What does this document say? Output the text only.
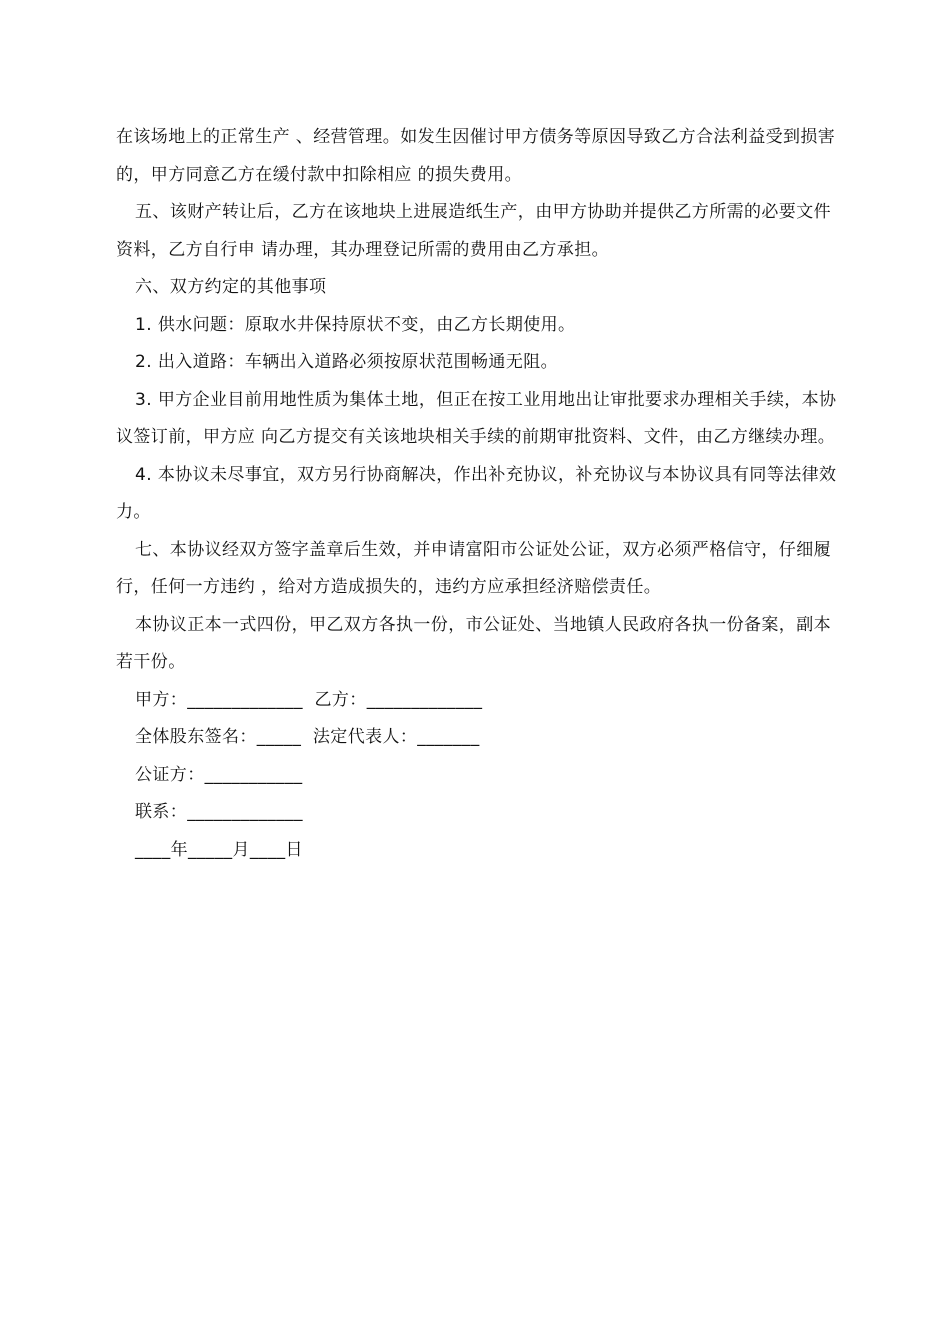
在该场地上的正常生产 、经营管理。如发生因催讨甲方债务等原因导致乙方合法利益受到损害的，甲方同意乙方在缓付款中扣除相应 的损失费用。

五、该财产转让后，乙方在该地块上进展造纸生产，由甲方协助并提供乙方所需的必要文件资料，乙方自行申 请办理，其办理登记所需的费用由乙方承担。

六、双方约定的其他事项

1. 供水问题：原取水井保持原状不变，由乙方长期使用。

2. 出入道路：车辆出入道路必须按原状范围畅通无阻。

3. 甲方企业目前用地性质为集体土地，但正在按工业用地出让审批要求办理相关手续，本协议签订前，甲方应 向乙方提交有关该地块相关手续的前期审批资料、文件，由乙方继续办理。

4. 本协议未尽事宜，双方另行协商解决，作出补充协议，补充协议与本协议具有同等法律效力。

七、本协议经双方签字盖章后生效，并申请富阳市公证处公证，双方必须严格信守，仔细履行，任何一方违约 ，给对方造成损失的，违约方应承担经济赔偿责任。

本协议正本一式四份，甲乙双方各执一份，市公证处、当地镇人民政府各执一份备案，副本若干份。

甲方：_____________  乙方：_____________

全体股东签名：_____  法定代表人：_______

公证方：___________

联系：_____________

____年_____月____日
